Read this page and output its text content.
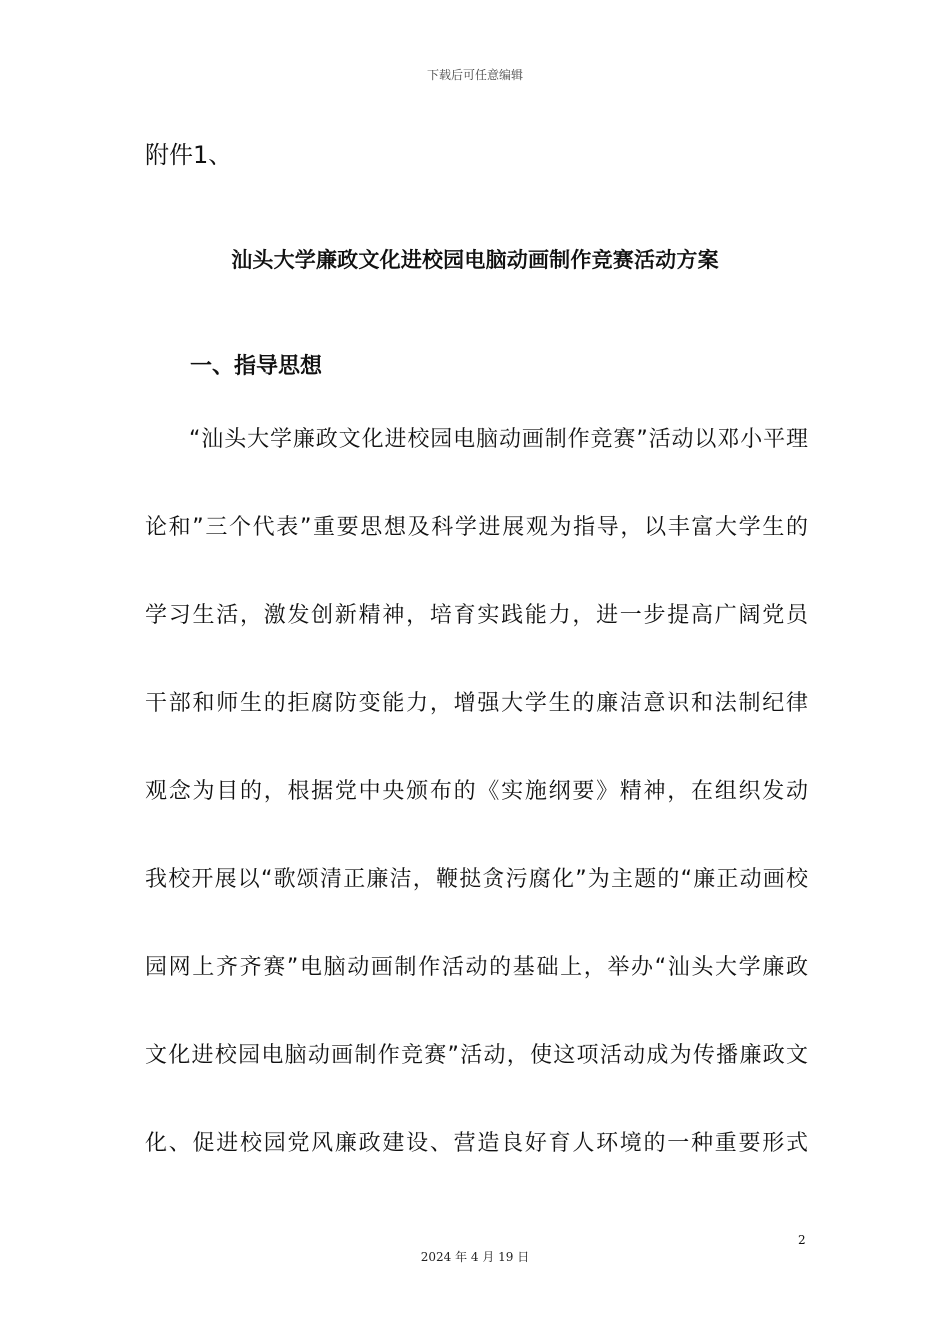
下载后可任意编辑
附件1、
汕头大学廉政文化进校园电脑动画制作竞赛活动方案
一、指导思想
“汕头大学廉政文化进校园电脑动画制作竞赛”活动以邓小平理
论和”三个代表”重要思想及科学进展观为指导，以丰富大学生的
学习生活，激发创新精神，培育实践能力，进一步提高广阔党员
干部和师生的拒腐防变能力，增强大学生的廉洁意识和法制纪律
观念为目的，根据党中央颁布的《实施纲要》精神，在组织发动
我校开展以“歌颂清正廉洁，鞭挞贪污腐化”为主题的“廉正动画校
园网上齐齐赛”电脑动画制作活动的基础上，举办“汕头大学廉政
文化进校园电脑动画制作竞赛”活动，使这项活动成为传播廉政文
化、促进校园党风廉政建设、营造良好育人环境的一种重要形式
2
2024 年 4 月 19 日
